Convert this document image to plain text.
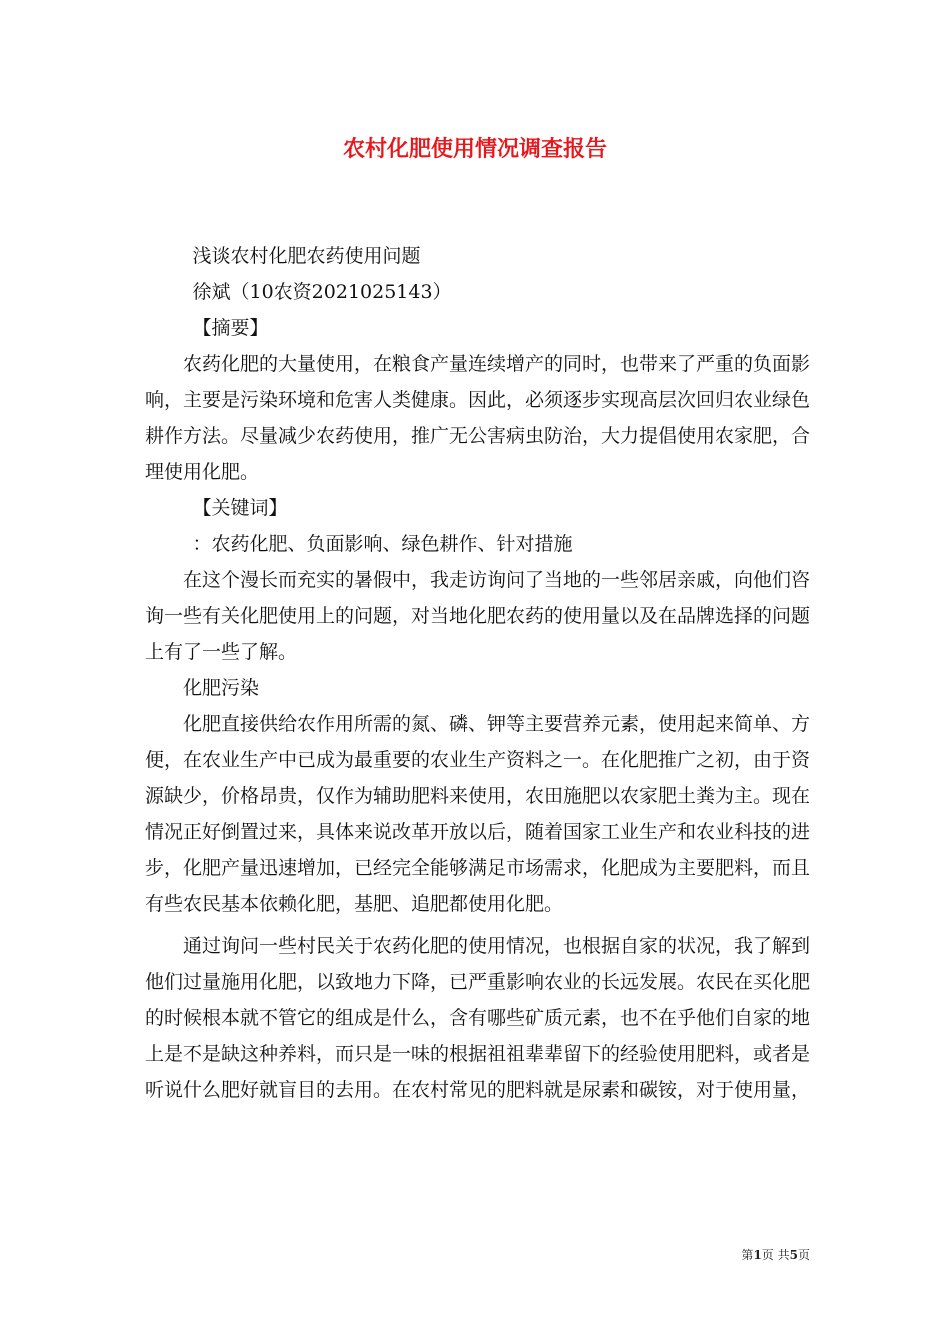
农村化肥使用情况调查报告

浅谈农村化肥农药使用问题

徐斌（10农资2021025143）

【摘要】

农药化肥的大量使用，在粮食产量连续增产的同时，也带来了严重的负面影响，主要是污染环境和危害人类健康。因此，必须逐步实现高层次回归农业绿色耕作方法。尽量减少农药使用，推广无公害病虫防治，大力提倡使用农家肥，合理使用化肥。

【关键词】

：农药化肥、负面影响、绿色耕作、针对措施

在这个漫长而充实的暑假中，我走访询问了当地的一些邻居亲戚，向他们咨询一些有关化肥使用上的问题，对当地化肥农药的使用量以及在品牌选择的问题上有了一些了解。

化肥污染

化肥直接供给农作用所需的氮、磷、钾等主要营养元素，使用起来简单、方便，在农业生产中已成为最重要的农业生产资料之一。在化肥推广之初，由于资源缺少，价格昂贵，仅作为辅助肥料来使用，农田施肥以农家肥土粪为主。现在情况正好倒置过来，具体来说改革开放以后，随着国家工业生产和农业科技的进步，化肥产量迅速增加，已经完全能够满足市场需求，化肥成为主要肥料，而且有些农民基本依赖化肥，基肥、追肥都使用化肥。

通过询问一些村民关于农药化肥的使用情况，也根据自家的状况，我了解到他们过量施用化肥，以致地力下降，已严重影响农业的长远发展。农民在买化肥的时候根本就不管它的组成是什么，含有哪些矿质元素，也不在乎他们自家的地上是不是缺这种养料，而只是一味的根据祖祖辈辈留下的经验使用肥料，或者是听说什么肥好就盲目的去用。在农村常见的肥料就是尿素和碳铵，对于使用量，

第1页 共5页
